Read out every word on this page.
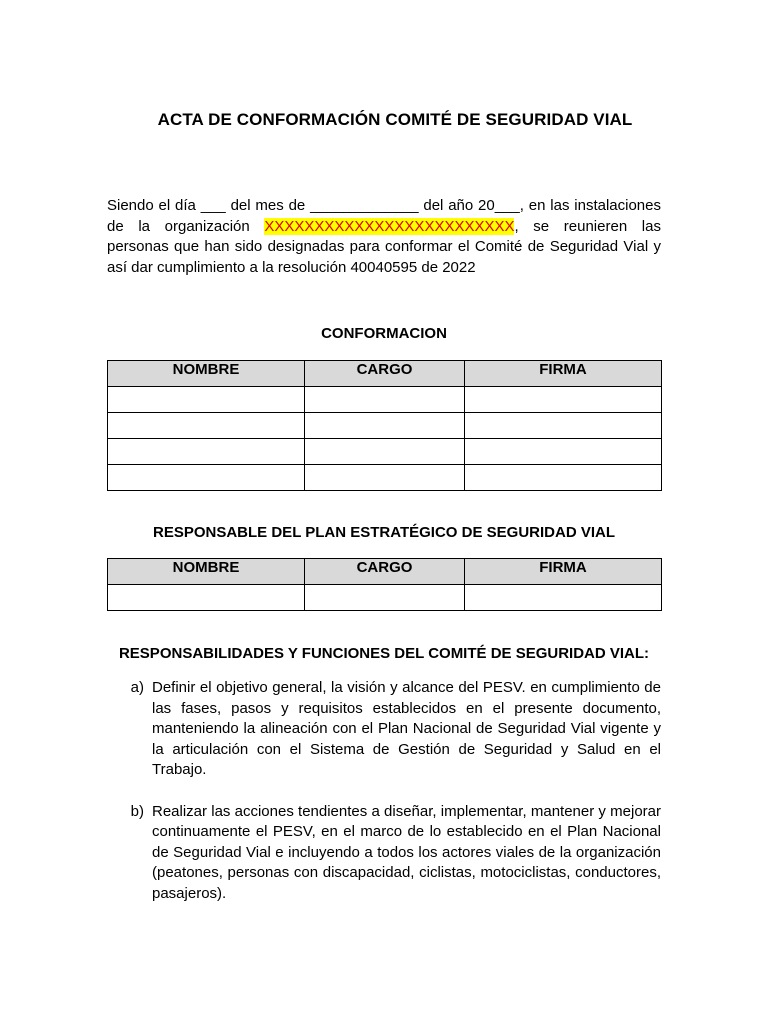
ACTA DE CONFORMACIÓN COMITÉ DE SEGURIDAD VIAL

Siendo el día ___ del mes de _____________ del año 20___, en las instalaciones de la organización XXXXXXXXXXXXXXXXXXXXXXXXX, se reunieren las personas que han sido designadas para conformar el Comité de Seguridad Vial y así dar cumplimiento a la resolución 40040595 de 2022

CONFORMACION
NOMBRE	CARGO	FIRMA

RESPONSABLE DEL PLAN ESTRATÉGICO DE SEGURIDAD VIAL
NOMBRE	CARGO	FIRMA

RESPONSABILIDADES Y FUNCIONES DEL COMITÉ DE SEGURIDAD VIAL:
a) Definir el objetivo general, la visión y alcance del PESV. en cumplimiento de las fases, pasos y requisitos establecidos en el presente documento, manteniendo la alineación con el Plan Nacional de Seguridad Vial vigente y la articulación con el Sistema de Gestión de Seguridad y Salud en el Trabajo.
b) Realizar las acciones tendientes a diseñar, implementar, mantener y mejorar continuamente el PESV, en el marco de lo establecido en el Plan Nacional de Seguridad Vial e incluyendo a todos los actores viales de la organización (peatones, personas con discapacidad, ciclistas, motociclistas, conductores, pasajeros).
